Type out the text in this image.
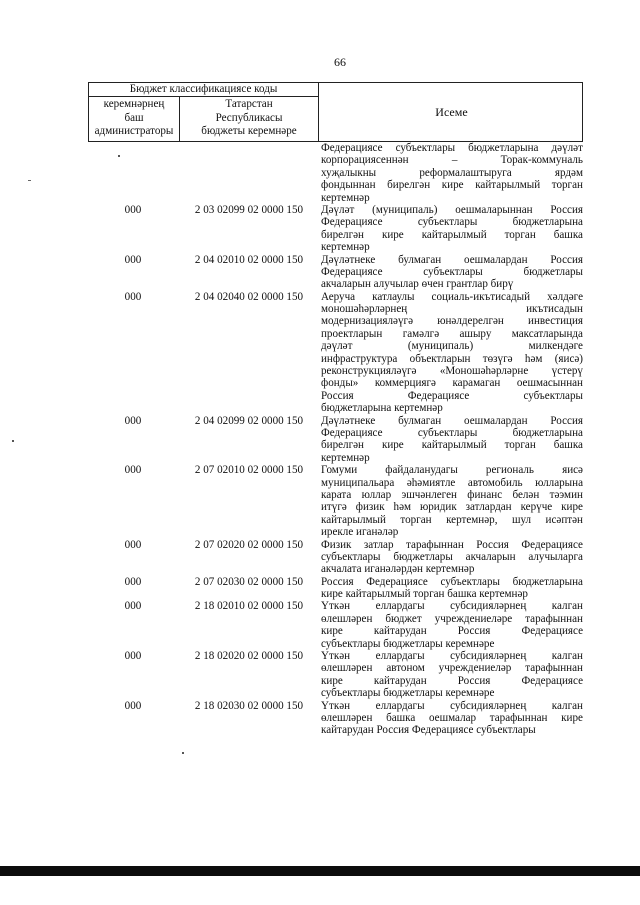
66
Бюджет классификациясе коды
керемнәрнең
баш
администраторы
Татарстан
Республикасы
бюджеты керемнәре
Исеме
Федерациясе субъектлары бюджетларына дәүләт
корпорациясеннән	–	Торак-коммуналь
хуҗалыкны	реформалаштыруга	ярдәм
фондыннан бирелгән кире кайтарылмый торган
кертемнәр
000	2 03 02099 02 0000 150	Дәүләт (муниципаль) оешмаларыннан Россия
Федерациясе	субъектлары	бюджетларына
бирелгән кире кайтарылмый торган башка
кертемнәр
000	2 04 02010 02 0000 150	Дәүләтнеке булмаган оешмалардан Россия
Федерациясе	субъектлары	бюджетлары
акчаларын алучылар өчен грантлар бирү
000	2 04 02040 02 0000 150	Аеруча катлаулы социаль-икътисадый хәлдәге
моношәһәрләрнең	икътисадын
модернизацияләүгә юнәлдерелгән инвестиция
проектларын гамәлгә ашыру максатларында
дәүләт	(муниципаль)	милкендәге
инфраструктура объектларын төзүгә һәм (яисә)
реконструкцияләүгә «Моношәһәрләрне үстерү
фонды» коммерциягә карамаган оешмасыннан
Россия	Федерациясе	субъектлары
бюджетларына кертемнәр
000	2 04 02099 02 0000 150	Дәүләтнеке булмаган оешмалардан Россия
Федерациясе	субъектлары	бюджетларына
бирелгән кире кайтарылмый торган башка
кертемнәр
000	2 07 02010 02 0000 150	Гомуми	файдаланудагы	региональ	яисә
муниципальара әһәмиятле автомобиль юлларына
карата юллар эшчәнлеген финанс белән тәэмин
итүгә физик һәм юридик затлардан керүче кире
кайтарылмый торган кертемнәр, шул исәптән
ирекле иганәләр
000	2 07 02020 02 0000 150	Физик затлар тарафыннан Россия Федерациясе
субъектлары бюджетлары акчаларын алучыларга
акчалата иганәләрдән кертемнәр
000	2 07 02030 02 0000 150	Россия Федерациясе субъектлары бюджетларына
кире кайтарылмый торган башка кертемнәр
000	2 18 02010 02 0000 150	Үткән еллардагы субсидияләрнең калган
өлешләрен бюджет учреждениеләре тарафыннан
кире	кайтарудан	Россия	Федерациясе
субъектлары бюджетлары керемнәре
000	2 18 02020 02 0000 150	Үткән еллардагы субсидияләрнең калган
өлешләрен автоном учреждениеләр тарафыннан
кире	кайтарудан	Россия	Федерациясе
субъектлары бюджетлары керемнәре
000	2 18 02030 02 0000 150	Үткән еллардагы субсидияләрнең калган
өлешләрен башка оешмалар тарафыннан кире
кайтарудан Россия Федерациясе субъектлары
